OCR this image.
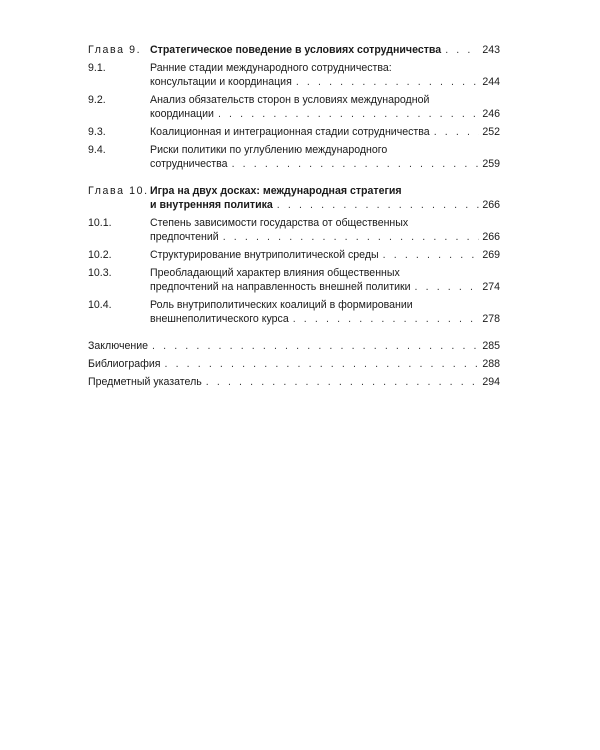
Глава 9. Стратегическое поведение в условиях сотрудничества . . .	243
9.1.	Ранние стадии международного сотрудничества:
консультации и координация . . .	244
9.2.	Анализ обязательств сторон в условиях международной
координации . . .	246
9.3.	Коалиционная и интеграционная стадии сотрудничества . . .	252
9.4.	Риски политики по углублению международного
сотрудничества . . .	259
Глава 10. Игра на двух досках: международная стратегия
и внутренняя политика . . .	266
10.1.	Степень зависимости государства от общественных
предпочтений . . .	266
10.2.	Структурирование внутриполитической среды . . .	269
10.3.	Преобладающий характер влияния общественных
предпочтений на направленность внешней политики . . .	274
10.4.	Роль внутриполитических коалиций в формировании
внешнеполитического курса . . .	278
Заключение . . .	285
Библиография . . .	288
Предметный указатель . . .	294
